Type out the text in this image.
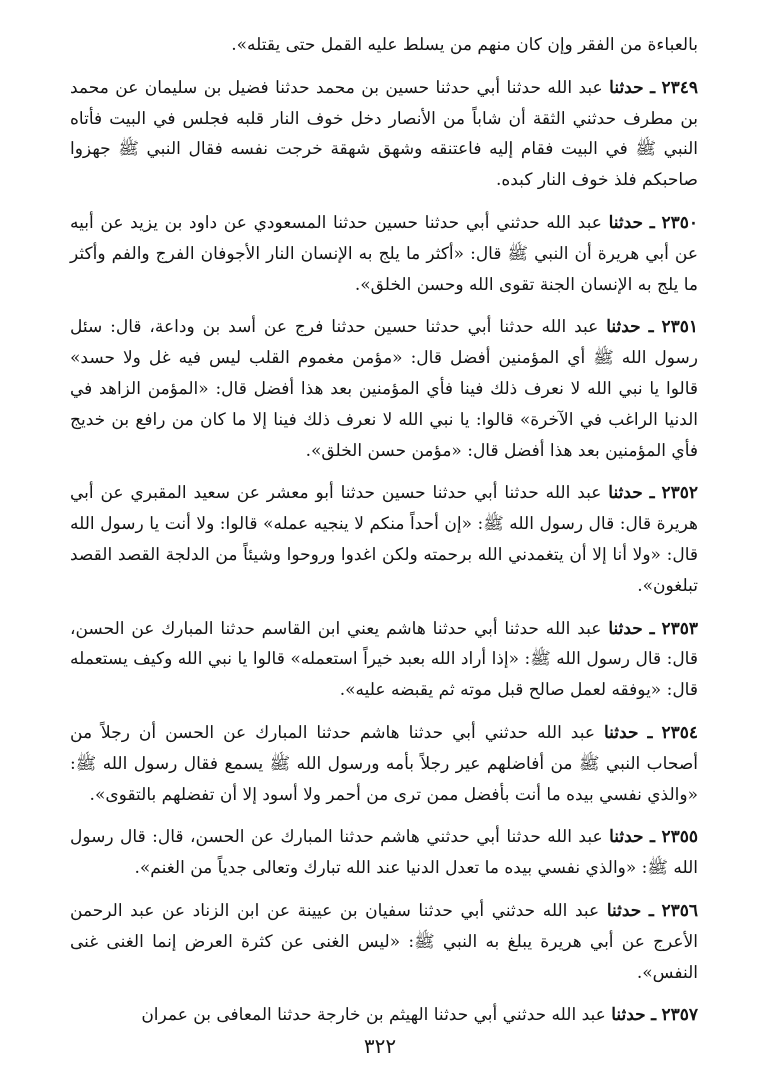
بالعباءة من الفقر وإن كان منهم من يسلط عليه القمل حتى يقتله».

٢٣٤٩ ـ حدثنا عبد الله حدثنا أبي حدثنا حسين بن محمد حدثنا فضيل بن سليمان عن محمد بن مطرف حدثني الثقة أن شاباً من الأنصار دخل خوف النار قلبه فجلس في البيت فأتاه النبي ﷺ في البيت فقام إليه فاعتنقه وشهق شهقة خرجت نفسه فقال النبي ﷺ جهزوا صاحبكم فلذ خوف النار كبده.

٢٣٥٠ ـ حدثنا عبد الله حدثني أبي حدثنا حسين حدثنا المسعودي عن داود بن يزيد عن أبيه عن أبي هريرة أن النبي ﷺ قال: «أكثر ما يلج به الإنسان النار الأجوفان الفرج والفم وأكثر ما يلج به الإنسان الجنة تقوى الله وحسن الخلق».

٢٣٥١ ـ حدثنا عبد الله حدثنا أبي حدثنا حسين حدثنا فرج عن أسد بن وداعة، قال: سئل رسول الله ﷺ أي المؤمنين أفضل قال: «مؤمن مغموم القلب ليس فيه غل ولا حسد» قالوا يا نبي الله لا نعرف ذلك فينا فأي المؤمنين بعد هذا أفضل قال: «المؤمن الزاهد في الدنيا الراغب في الآخرة» قالوا: يا نبي الله لا نعرف ذلك فينا إلا ما كان من رافع بن خديج فأي المؤمنين بعد هذا أفضل قال: «مؤمن حسن الخلق».

٢٣٥٢ ـ حدثنا عبد الله حدثنا أبي حدثنا حسين حدثنا أبو معشر عن سعيد المقبري عن أبي هريرة قال: قال رسول الله ﷺ: «إن أحداً منكم لا ينجيه عمله» قالوا: ولا أنت يا رسول الله قال: «ولا أنا إلا أن يتغمدني الله برحمته ولكن اغدوا وروحوا وشيئاً من الدلجة القصد القصد تبلغون».

٢٣٥٣ ـ حدثنا عبد الله حدثنا أبي حدثنا هاشم يعني ابن القاسم حدثنا المبارك عن الحسن، قال: قال رسول الله ﷺ: «إذا أراد الله بعبد خيراً استعمله» قالوا يا نبي الله وكيف يستعمله قال: «يوفقه لعمل صالح قبل موته ثم يقبضه عليه».

٢٣٥٤ ـ حدثنا عبد الله حدثني أبي حدثنا هاشم حدثنا المبارك عن الحسن أن رجلاً من أصحاب النبي ﷺ من أفاضلهم عير رجلاً بأمه ورسول الله ﷺ يسمع فقال رسول الله ﷺ: «والذي نفسي بيده ما أنت بأفضل ممن ترى من أحمر ولا أسود إلا أن تفضلهم بالتقوى».

٢٣٥٥ ـ حدثنا عبد الله حدثنا أبي حدثني هاشم حدثنا المبارك عن الحسن، قال: قال رسول الله ﷺ: «والذي نفسي بيده ما تعدل الدنيا عند الله تبارك وتعالى جدياً من الغنم».

٢٣٥٦ ـ حدثنا عبد الله حدثني أبي حدثنا سفيان بن عيينة عن ابن الزناد عن عبد الرحمن الأعرج عن أبي هريرة يبلغ به النبي ﷺ: «ليس الغنى عن كثرة العرض إنما الغنى غنى النفس».

٢٣٥٧ ـ حدثنا عبد الله حدثني أبي حدثنا الهيثم بن خارجة حدثنا المعافى بن عمران

٣٢٢
